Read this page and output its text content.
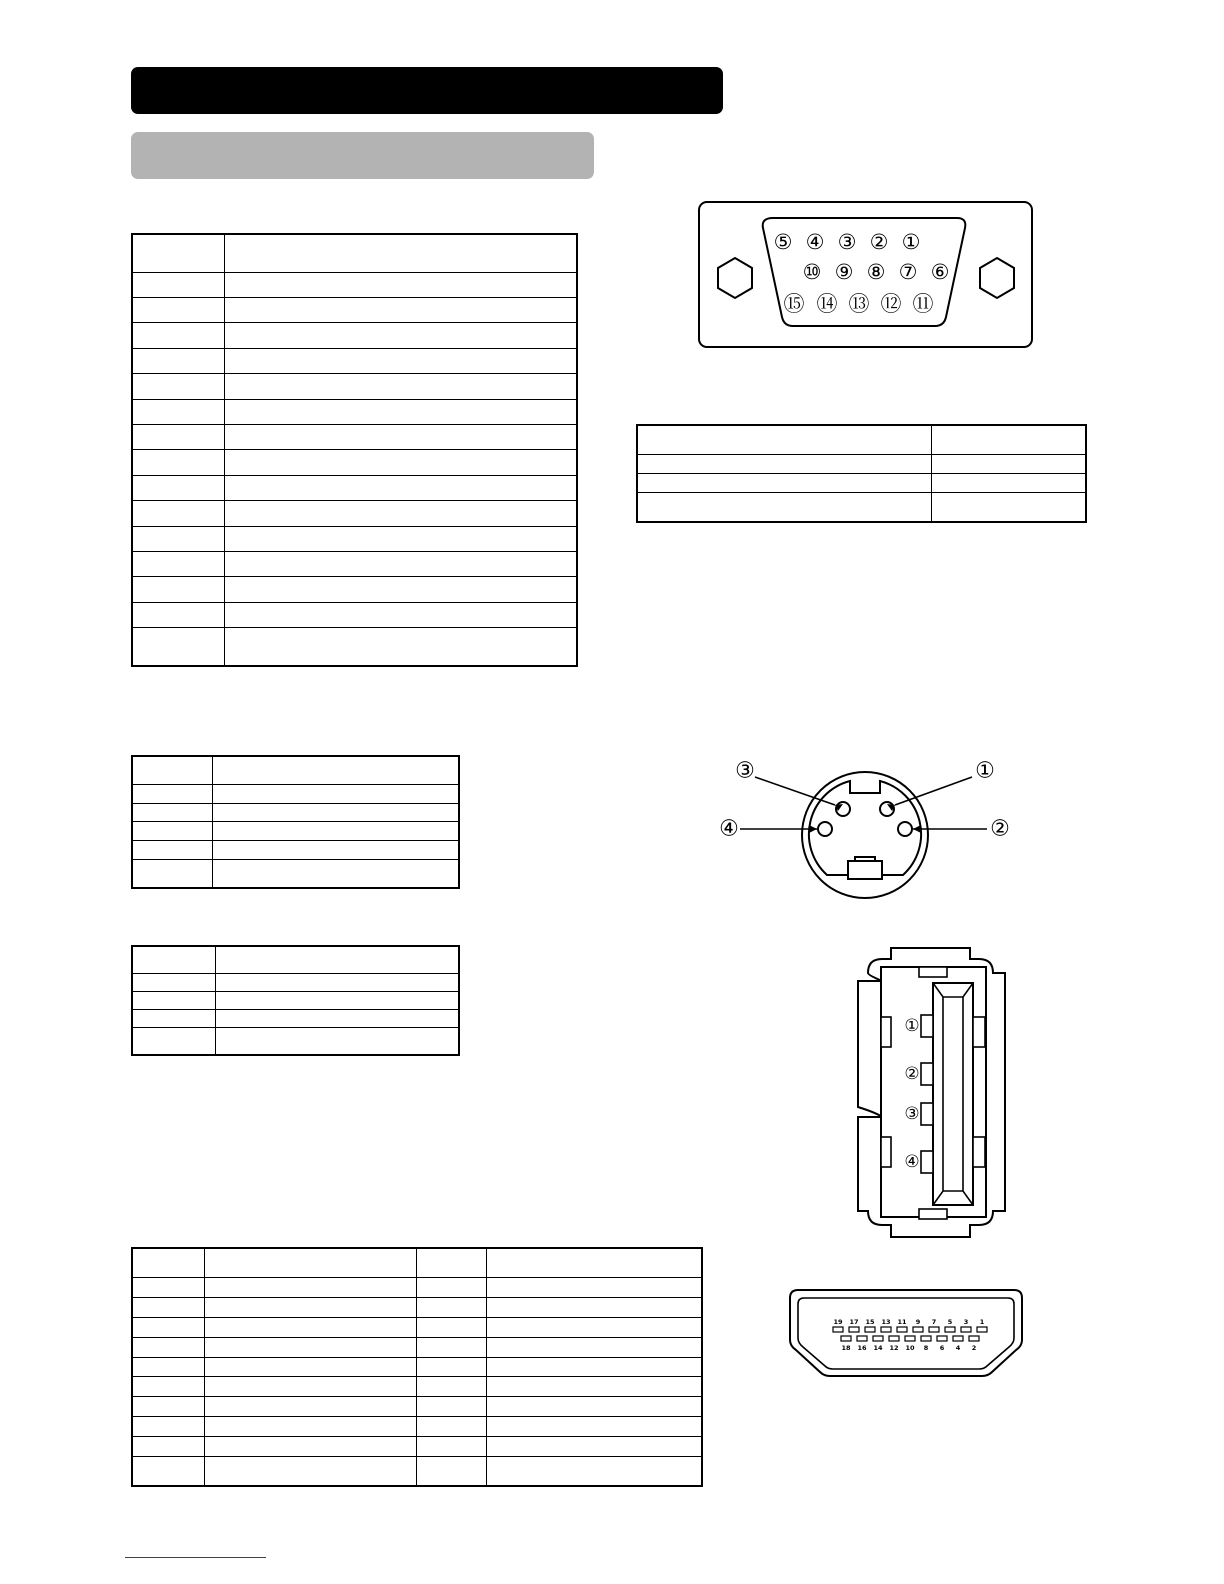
⑤ ④ ③ ② ①
⑩ ⑨ ⑧ ⑦ ⑥
⑮ ⑭ ⑬ ⑫ ⑪
①
②
③
④
①
②
③
④
19 17 15 13 11 9 7 5 3 1
18 16 14 12 10 8 6 4 2
